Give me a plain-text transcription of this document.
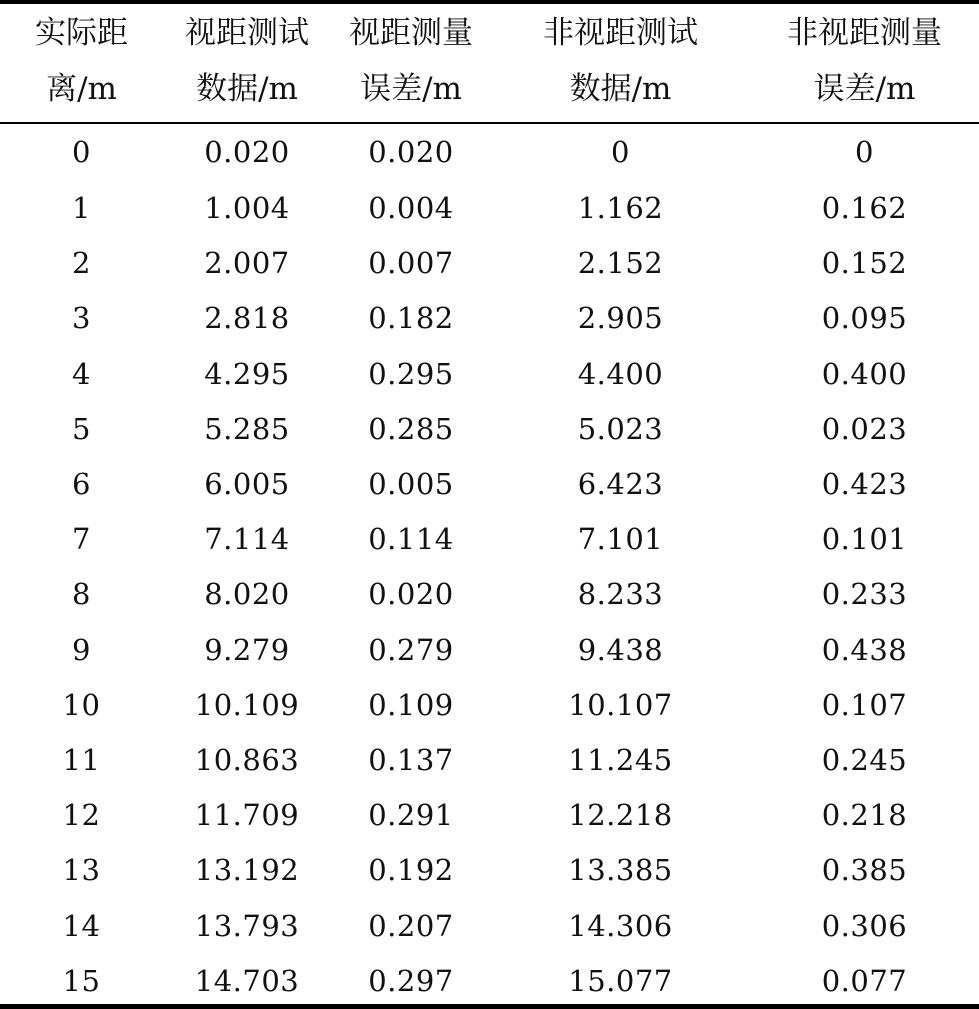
实际距	视距测试	视距测量	非视距测试	非视距测量
离/m	数据/m	误差/m	数据/m	误差/m
0	0.020	0.020	0	0
1	1.004	0.004	1.162	0.162
2	2.007	0.007	2.152	0.152
3	2.818	0.182	2.905	0.095
4	4.295	0.295	4.400	0.400
5	5.285	0.285	5.023	0.023
6	6.005	0.005	6.423	0.423
7	7.114	0.114	7.101	0.101
8	8.020	0.020	8.233	0.233
9	9.279	0.279	9.438	0.438
10	10.109	0.109	10.107	0.107
11	10.863	0.137	11.245	0.245
12	11.709	0.291	12.218	0.218
13	13.192	0.192	13.385	0.385
14	13.793	0.207	14.306	0.306
15	14.703	0.297	15.077	0.077
